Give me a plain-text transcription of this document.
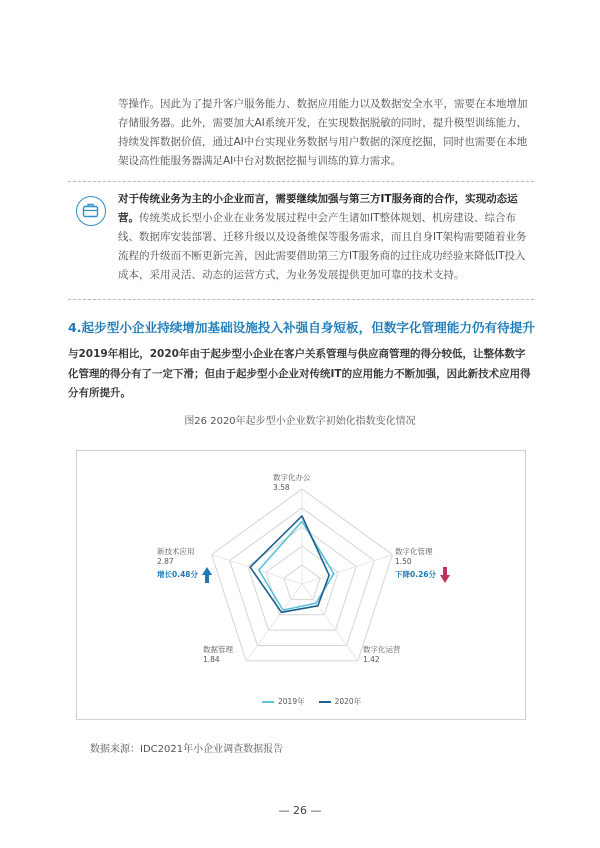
等操作。因此为了提升客户服务能力、数据应用能力以及数据安全水平，需要在本地增加存储服务器。此外，需要加大AI系统开发，在实现数据脱敏的同时，提升模型训练能力，持续发挥数据价值，通过AI中台实现业务数据与用户数据的深度挖掘，同时也需要在本地架设高性能服务器满足AI中台对数据挖掘与训练的算力需求。

对于传统业务为主的小企业而言，需要继续加强与第三方IT服务商的合作，实现动态运营。传统类成长型小企业在业务发展过程中会产生诸如IT整体规划、机房建设、综合布线、数据库安装部署、迁移升级以及设备维保等服务需求，而且自身IT架构需要随着业务流程的升级而不断更新完善，因此需要借助第三方IT服务商的过往成功经验来降低IT投入成本，采用灵活、动态的运营方式，为业务发展提供更加可靠的技术支持。

4.起步型小企业持续增加基础设施投入补强自身短板，但数字化管理能力仍有待提升

与2019年相比，2020年由于起步型小企业在客户关系管理与供应商管理的得分较低，让整体数字化管理的得分有了一定下滑；但由于起步型小企业对传统IT的应用能力不断加强，因此新技术应用得分有所提升。

图26 2020年起步型小企业数字初始化指数变化情况
数字化办公
3.58
数字化管理
1.50
下降0.26分
数字化运营
1.42
数据管理
1.84
新技术应用
2.87
增长0.48分
2019年	2020年
数据来源：IDC2021年小企业调查数据报告
— 26 —
